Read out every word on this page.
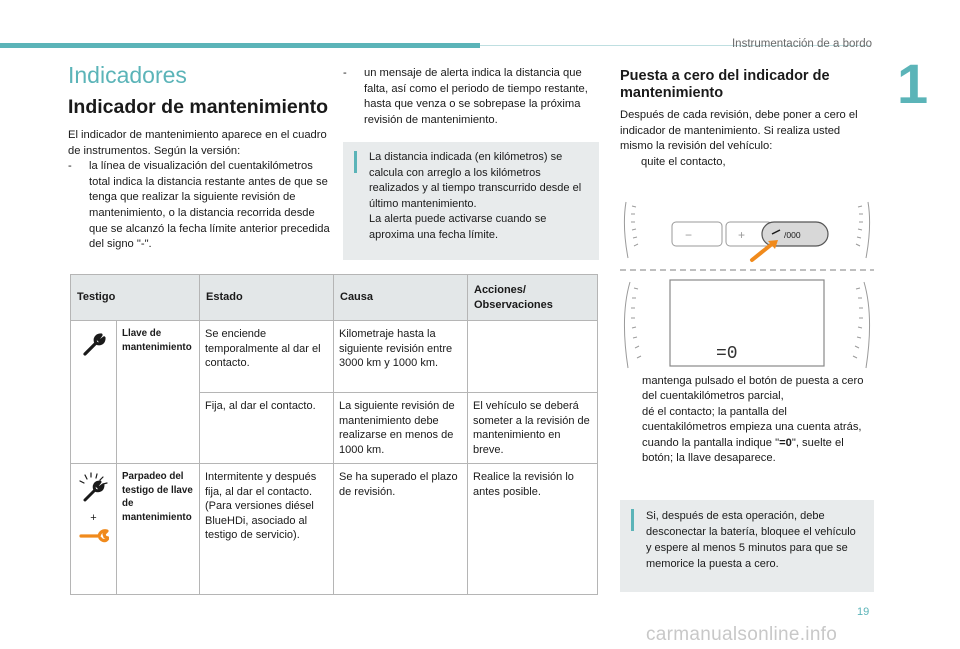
Instrumentación de a bordo
1
Indicadores
Indicador de mantenimiento
El indicador de mantenimiento aparece en el cuadro de instrumentos. Según la versión:
- la línea de visualización del cuentakilómetros total indica la distancia restante antes de que se tenga que realizar la siguiente revisión de mantenimiento, o la distancia recorrida desde que se alcanzó la fecha límite anterior precedida del signo "-".
- un mensaje de alerta indica la distancia que falta, así como el periodo de tiempo restante, hasta que venza o se sobrepase la próxima revisión de mantenimiento.
La distancia indicada (en kilómetros) se calcula con arreglo a los kilómetros realizados y al tiempo transcurrido desde el último mantenimiento.
La alerta puede activarse cuando se aproxima una fecha límite.
Testigo		Estado	Causa	Acciones/ Observaciones
	Llave de mantenimiento	Se enciende temporalmente al dar el contacto.	Kilometraje hasta la siguiente revisión entre 3000 km y 1000 km.	
		Fija, al dar el contacto.	La siguiente revisión de mantenimiento debe realizarse en menos de 1000 km.	El vehículo se deberá someter a la revisión de mantenimiento en breve.

+	Parpadeo del testigo de llave de mantenimiento	Intermitente y después fija, al dar el contacto. (Para versiones diésel BlueHDi, asociado al testigo de servicio).	Se ha superado el plazo de revisión.	Realice la revisión lo antes posible.
Puesta a cero del indicador de mantenimiento
Después de cada revisión, debe poner a cero el indicador de mantenimiento. Si realiza usted mismo la revisión del vehículo:
quite el contacto,
−	+	/000
=0
mantenga pulsado el botón de puesta a cero del cuentakilómetros parcial,
dé el contacto; la pantalla del cuentakilómetros empieza una cuenta atrás,
cuando la pantalla indique "=0", suelte el botón; la llave desaparece.
Si, después de esta operación, debe desconectar la batería, bloquee el vehículo y espere al menos 5 minutos para que se memorice la puesta a cero.
19
carmanualsonline.info
